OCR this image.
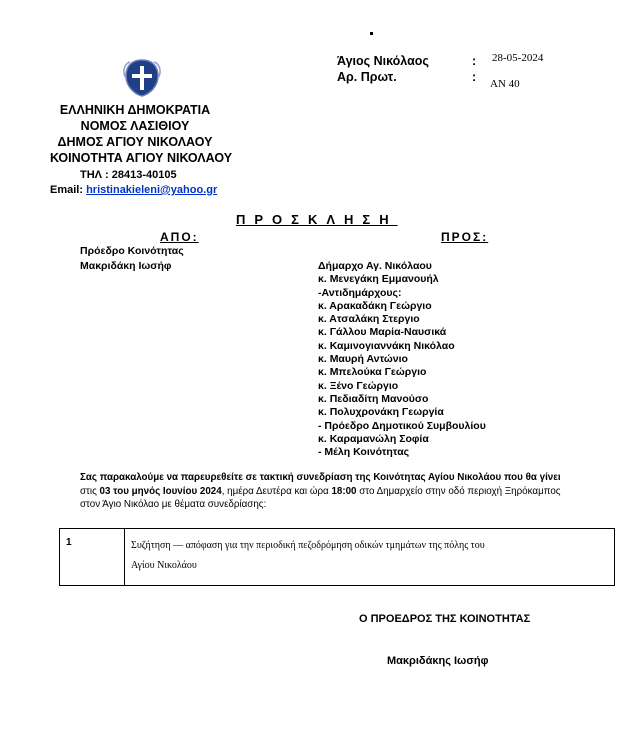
ΕΛΛΗΝΙΚΗ ΔΗΜΟΚΡΑΤΙΑ
ΝΟΜΟΣ ΛΑΣΙΘΙΟΥ
ΔΗΜΟΣ ΑΓΙΟΥ ΝΙΚΟΛΑΟΥ
ΚΟΙΝΟΤΗΤΑ ΑΓΙΟΥ ΝΙΚΟΛΑΟΥ
ΤΗΛ : 28413-40105
Email: hristinakieleni@yahoo.gr
Άγιος Νικόλαος	: 28-05-2024
Αρ. Πρωτ.	: ΑΝ 40
ΠΡΟΣΚΛΗΣΗ
ΑΠΟ:	ΠΡΟΣ:
Πρόεδρο Κοινότητας
Μακριδάκη Ιωσήφ	Δήμαρχο Αγ. Νικόλαου
κ. Μενεγάκη Εμμανουήλ
-Αντιδημάρχους:
κ. Αρακαδάκη Γεώργιο
κ. Ατσαλάκη Στεργιο
κ. Γάλλου Μαρία-Ναυσικά
κ. Καμινογιαννάκη Νικόλαο
κ. Μαυρή Αντώνιο
κ. Μπελούκα Γεώργιο
κ. Ξένο Γεώργιο
κ. Πεδιαδίτη Μανούσο
κ. Πολυχρονάκη Γεωργία
- Πρόεδρο Δημοτικού Συμβουλίου
κ. Καραμανώλη Σοφία
- Μέλη Κοινότητας
Σας παρακαλούμε να παρευρεθείτε σε τακτική συνεδρίαση της Κοινότητας Αγίου Νικολάου που θα γίνει στις 03 του μηνός Ιουνίου 2024, ημέρα Δευτέρα και ώρα 18:00 στο Δημαρχείο στην οδό περιοχή Ξηρόκαμπος στον Άγιο Νικόλαο με θέματα συνεδρίασης:
1	Συζήτηση — απόφαση για την περιοδική πεζοδρόμηση οδικών τμημάτων της πόλης του
Αγίου Νικολάου
Ο ΠΡΟΕΔΡΟΣ ΤΗΣ ΚΟΙΝΟΤΗΤΑΣ
Μακριδάκης Ιωσήφ
